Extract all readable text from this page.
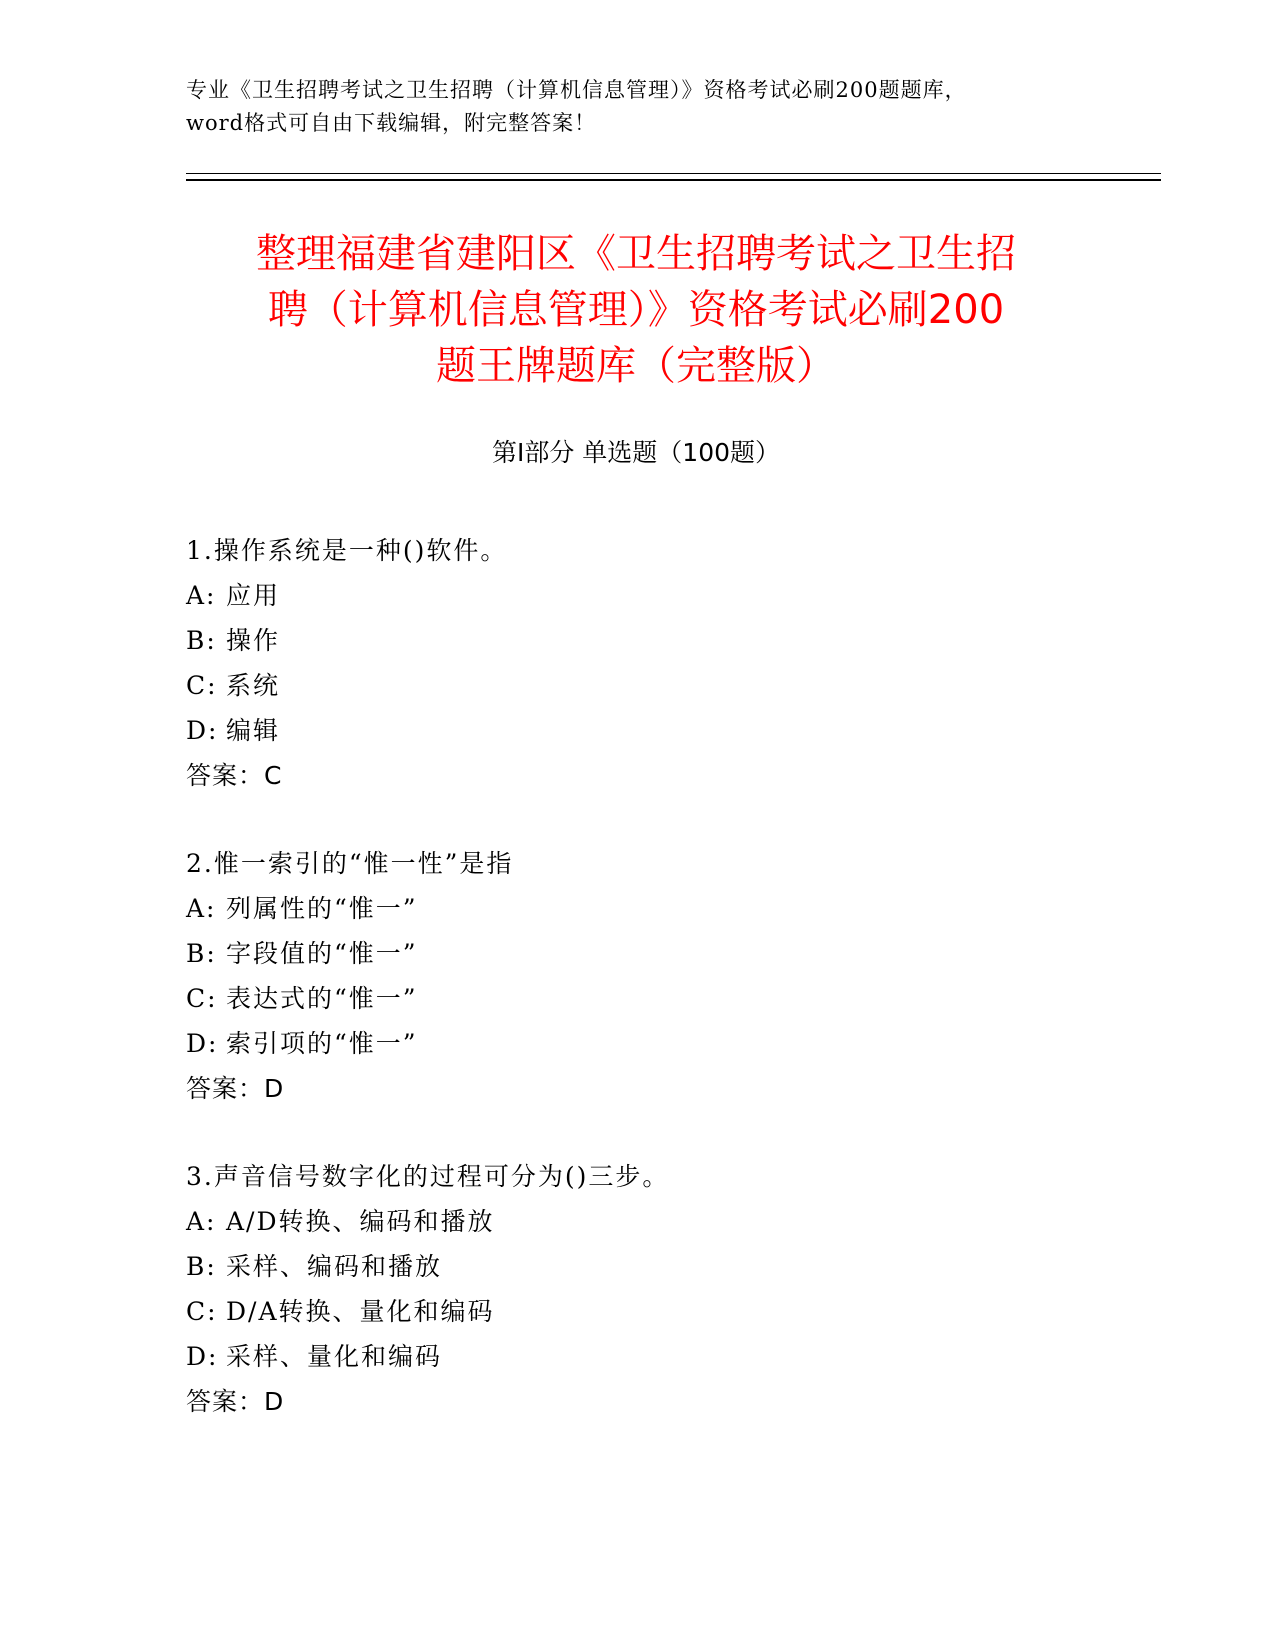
专业《卫生招聘考试之卫生招聘（计算机信息管理）》资格考试必刷200题题库，
word格式可自由下载编辑，附完整答案！
整理福建省建阳区《卫生招聘考试之卫生招
聘（计算机信息管理）》资格考试必刷200
题王牌题库（完整版）
第Ⅰ部分 单选题（100题）
1.操作系统是一种()软件。
A: 应用
B: 操作
C: 系统
D: 编辑
答案：C
2.惟一索引的“惟一性”是指
A: 列属性的“惟一”
B: 字段值的“惟一”
C: 表达式的“惟一”
D: 索引项的“惟一”
答案：D
3.声音信号数字化的过程可分为()三步。
A: A/D转换、编码和播放
B: 采样、编码和播放
C: D/A转换、量化和编码
D: 采样、量化和编码
答案：D
